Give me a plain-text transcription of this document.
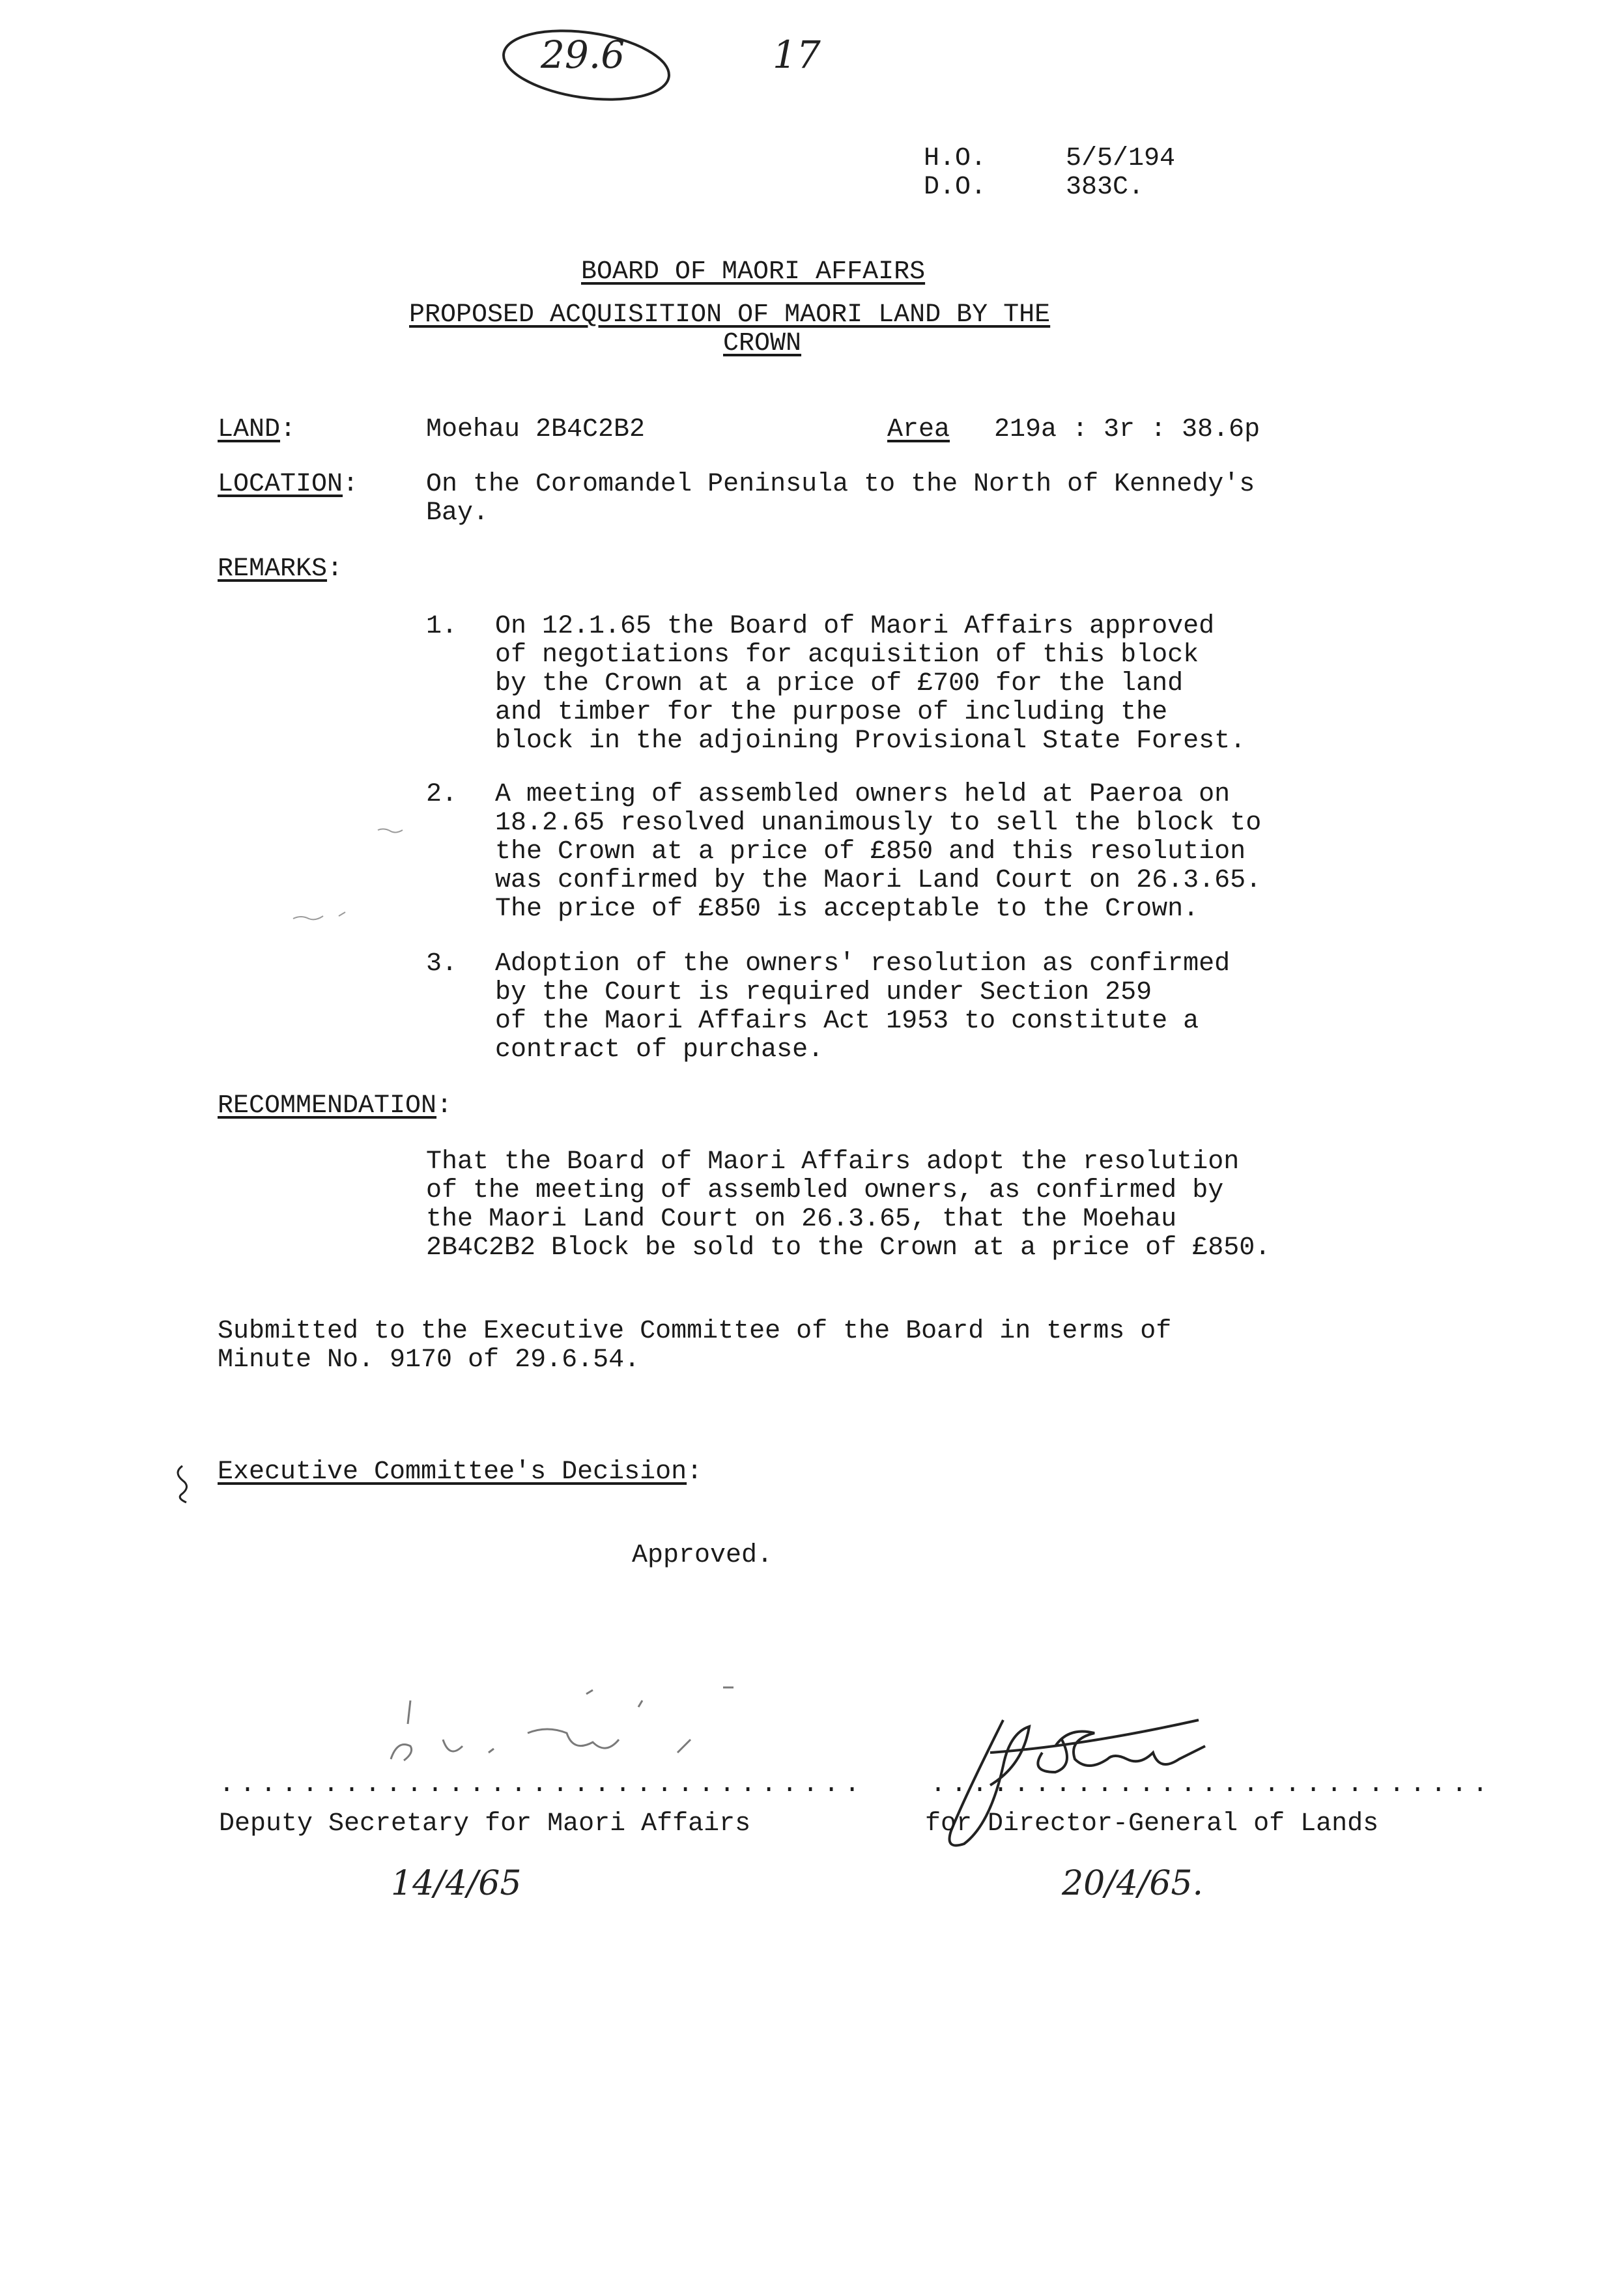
29.6	17
H.O.	5/5/194
D.O.	383C.
BOARD OF MAORI AFFAIRS
PROPOSED ACQUISITION OF MAORI LAND BY THE
CROWN
LAND:	Moehau 2B4C2B2	Area 219a : 3r : 38.6p
LOCATION:	On the Coromandel Peninsula to the North of Kennedy's
Bay.
REMARKS:
1. On 12.1.65 the Board of Maori Affairs approved
of negotiations for acquisition of this block
by the Crown at a price of £700 for the land
and timber for the purpose of including the
block in the adjoining Provisional State Forest.
2. A meeting of assembled owners held at Paeroa on
18.2.65 resolved unanimously to sell the block to
the Crown at a price of £850 and this resolution
was confirmed by the Maori Land Court on 26.3.65.
The price of £850 is acceptable to the Crown.
3. Adoption of the owners' resolution as confirmed
by the Court is required under Section 259
of the Maori Affairs Act 1953 to constitute a
contract of purchase.
RECOMMENDATION:
That the Board of Maori Affairs adopt the resolution
of the meeting of assembled owners, as confirmed by
the Maori Land Court on 26.3.65, that the Moehau
2B4C2B2 Block be sold to the Crown at a price of £850.
Submitted to the Executive Committee of the Board in terms of
Minute No. 9170 of 29.6.54.
Executive Committee's Decision:
Approved.
...............................
Deputy Secretary for Maori Affairs
14/4/65
...........................
for Director-General of Lands
20/4/65.
